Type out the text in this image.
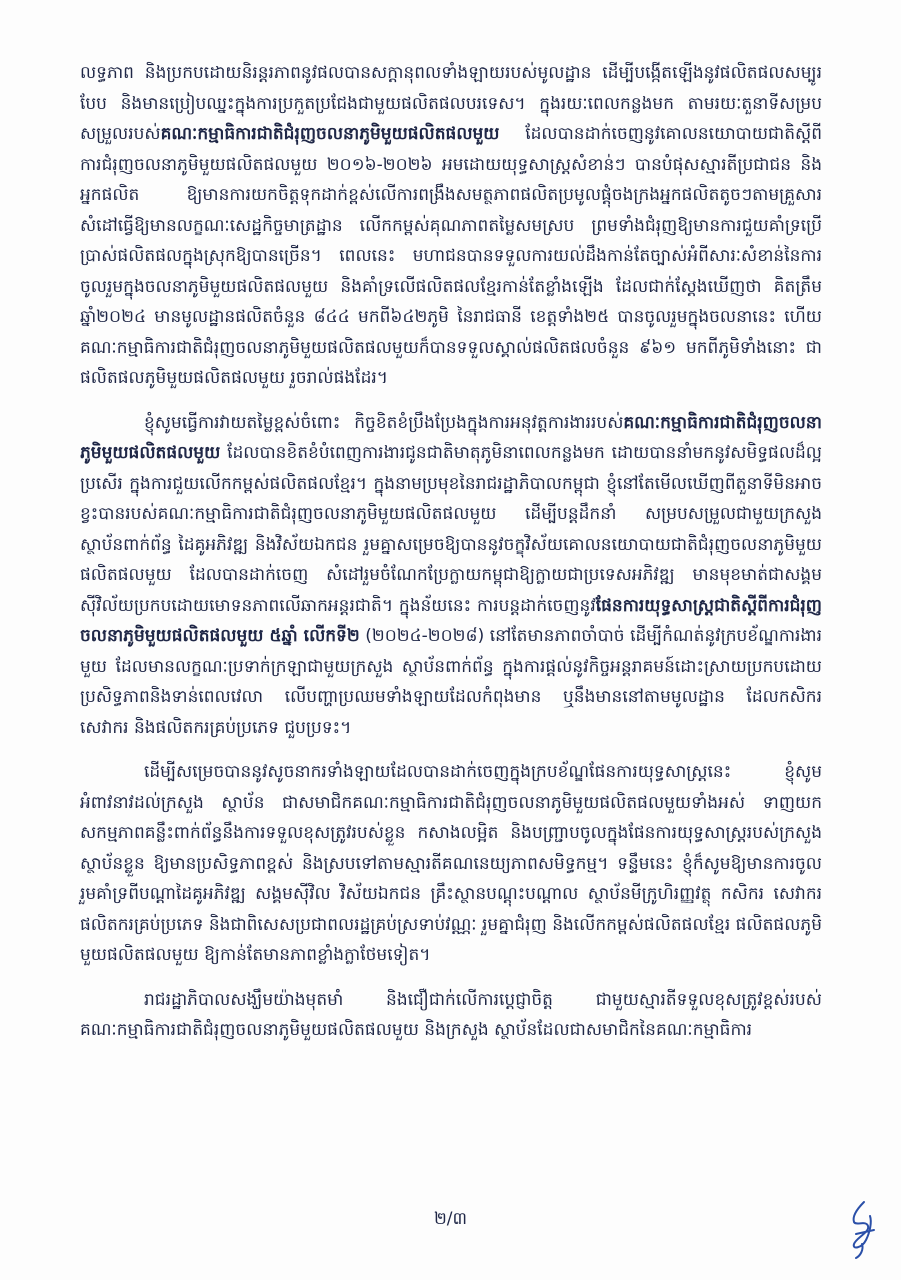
លទ្ធភាព និងប្រកបដោយនិរន្តរភាពនូវផលបានសក្តានុពលទាំងឡាយរបស់មូលដ្ឋាន ដើម្បីបង្កើតឡើងនូវផលិតផលសម្បូរបែប និងមានប្រៀបឈ្នះក្នុងការប្រកួតប្រជែងជាមួយផលិតផលបរទេស។ ក្នុងរយៈពេលកន្លងមក តាមរយៈតួនាទីសម្របសម្រួលរបស់គណៈកម្មាធិការជាតិជំរុញចលនាភូមិមួយផលិតផលមួយ ដែលបានដាក់ចេញនូវគោលនយោបាយជាតិស្តីពីការជំរុញចលនាភូមិមួយផលិតផលមួយ ២០១៦-២០២៦ អមដោយយុទ្ធសាស្ត្រសំខាន់ៗ បានបំផុសស្មារតីប្រជាជន និងអ្នកផលិត ឱ្យមានការយកចិត្តទុកដាក់ខ្ពស់លើការពង្រឹងសមត្ថភាពផលិតប្រមូលផ្តុំចងក្រងអ្នកផលិតតូចៗតាមគ្រួសារ សំដៅធ្វើឱ្យមានលក្ខណៈសេដ្ឋកិច្ចមាត្រដ្ឋាន លើកកម្ពស់គុណភាពតម្លៃសមស្រប ព្រមទាំងជំរុញឱ្យមានការជួយគាំទ្រប្រើប្រាស់ផលិតផលក្នុងស្រុកឱ្យបានច្រើន។ ពេលនេះ មហាជនបានទទួលការយល់ដឹងកាន់តែច្បាស់អំពីសារៈសំខាន់នៃការចូលរួមក្នុងចលនាភូមិមួយផលិតផលមួយ និងគាំទ្រលើផលិតផលខ្មែរកាន់តែខ្លាំងឡើង ដែលជាក់ស្តែងឃើញថា គិតត្រឹមឆ្នាំ២០២៤ មានមូលដ្ឋានផលិតចំនួន ៨៤៤ មកពី៦៤២ភូមិ នៃរាជធានី ខេត្តទាំង២៥ បានចូលរួមក្នុងចលនានេះ ហើយគណៈកម្មាធិការជាតិជំរុញចលនាភូមិមួយផលិតផលមួយក៏បានទទួលស្គាល់ផលិតផលចំនួន ៩៦១ មកពីភូមិទាំងនោះ ជាផលិតផលភូមិមួយផលិតផលមួយ រួចរាល់ផងដែរ។

ខ្ញុំសូមធ្វើការវាយតម្លៃខ្ពស់ចំពោះ កិច្ចខិតខំប្រឹងប្រែងក្នុងការអនុវត្តការងាររបស់គណៈកម្មាធិការជាតិជំរុញចលនាភូមិមួយផលិតផលមួយ ដែលបានខិតខំបំពេញការងារជូនជាតិមាតុភូមិនាពេលកន្លងមក ដោយបាននាំមកនូវសមិទ្ធផលដ៏ល្អប្រសើរ ក្នុងការជួយលើកកម្ពស់ផលិតផលខ្មែរ។ ក្នុងនាមប្រមុខនៃរាជរដ្ឋាភិបាលកម្ពុជា ខ្ញុំនៅតែមើលឃើញពីតួនាទីមិនអាចខ្វះបានរបស់គណៈកម្មាធិការជាតិជំរុញចលនាភូមិមួយផលិតផលមួយ ដើម្បីបន្តដឹកនាំ សម្របសម្រួលជាមួយក្រសួង ស្ថាប័នពាក់ព័ន្ធ ដៃគូអភិវឌ្ឍ និងវិស័យឯកជន រួមគ្នាសម្រេចឱ្យបាននូវចក្ខុវិស័យគោលនយោបាយជាតិជំរុញចលនាភូមិមួយផលិតផលមួយ ដែលបានដាក់ចេញ សំដៅរួមចំណែកប្រែក្លាយកម្ពុជាឱ្យក្លាយជាប្រទេសអភិវឌ្ឍ មានមុខមាត់ជាសង្គមស៊ីវិល័យប្រកបដោយមោទនភាពលើឆាកអន្តរជាតិ។ ក្នុងន័យនេះ ការបន្តដាក់ចេញនូវផែនការយុទ្ធសាស្ត្រជាតិស្តីពីការជំរុញចលនាភូមិមួយផលិតផលមួយ ៥ឆ្នាំ លើកទី២ (២០២៤-២០២៨) នៅតែមានភាពចាំបាច់ ដើម្បីកំណត់នូវក្របខ័ណ្ឌការងារមួយ ដែលមានលក្ខណៈប្រទាក់ក្រឡាជាមួយក្រសួង ស្ថាប័នពាក់ព័ន្ធ ក្នុងការផ្តល់នូវកិច្ចអន្តរាគមន៍ដោះស្រាយប្រកបដោយប្រសិទ្ធភាពនិងទាន់ពេលវេលា លើបញ្ហាប្រឈមទាំងឡាយដែលកំពុងមាន ឬនឹងមាននៅតាមមូលដ្ឋាន ដែលកសិករ សេវាករ និងផលិតករគ្រប់ប្រភេទ ជួបប្រទះ។

ដើម្បីសម្រេចបាននូវសូចនាករទាំងឡាយដែលបានដាក់ចេញក្នុងក្របខ័ណ្ឌផែនការយុទ្ធសាស្ត្រនេះ ខ្ញុំសូមអំពាវនាវដល់ក្រសួង ស្ថាប័ន ជាសមាជិកគណៈកម្មាធិការជាតិជំរុញចលនាភូមិមួយផលិតផលមួយទាំងអស់ ទាញយកសកម្មភាពគន្លឹះពាក់ព័ន្ធនឹងការទទួលខុសត្រូវរបស់ខ្លួន កសាងលម្អិត និងបញ្ជ្រាបចូលក្នុងផែនការយុទ្ធសាស្ត្ររបស់ក្រសួង ស្ថាប័នខ្លួន ឱ្យមានប្រសិទ្ធភាពខ្ពស់ និងស្របទៅតាមស្មារតីគណនេយ្យភាពសមិទ្ធកម្ម។ ទន្ទឹមនេះ ខ្ញុំក៏សូមឱ្យមានការចូលរួមគាំទ្រពីបណ្តាដៃគូអភិវឌ្ឍ សង្គមស៊ីវិល វិស័យឯកជន គ្រឹះស្ថានបណ្តុះបណ្តាល ស្ថាប័នមីក្រូហិរញ្ញវត្ថុ កសិករ សេវាករ ផលិតករគ្រប់ប្រភេទ និងជាពិសេសប្រជាពលរដ្ឋគ្រប់ស្រទាប់វណ្ណៈ រួមគ្នាជំរុញ និងលើកកម្ពស់ផលិតផលខ្មែរ ផលិតផលភូមិមួយផលិតផលមួយ ឱ្យកាន់តែមានភាពខ្លាំងក្លាថែមទៀត។

រាជរដ្ឋាភិបាលសង្ឃឹមយ៉ាងមុតមាំ និងជឿជាក់លើការប្តេជ្ញាចិត្ត ជាមួយស្មារតីទទួលខុសត្រូវខ្ពស់របស់គណៈកម្មាធិការជាតិជំរុញចលនាភូមិមួយផលិតផលមួយ និងក្រសួង ស្ថាប័នដែលជាសមាជិកនៃគណៈកម្មាធិការ

២/៣
